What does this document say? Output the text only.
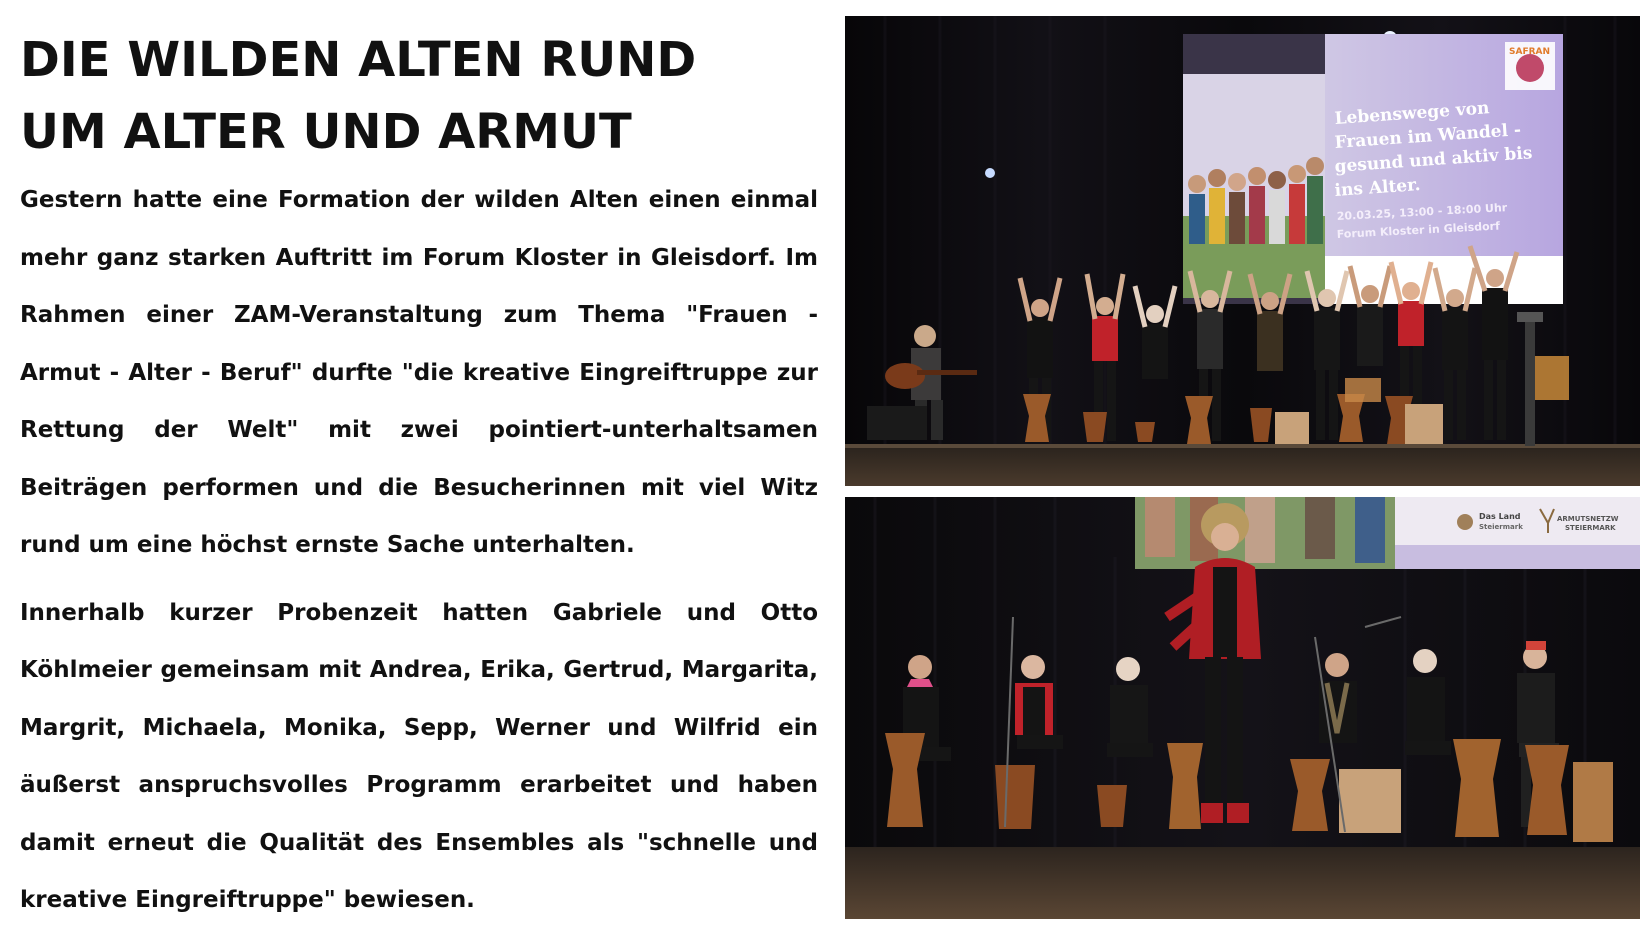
DIE WILDEN ALTEN RUND
UM ALTER UND ARMUT

Gestern hatte eine Formation der wilden Alten einen einmal mehr ganz starken Auftritt im Forum Kloster in Gleisdorf. Im Rahmen einer ZAM-Veranstaltung zum Thema "Frauen - Armut - Alter - Beruf" durfte "die kreative Eingreiftruppe zur Rettung der Welt" mit zwei pointiert-unterhaltsamen Beiträgen performen und die Besucherinnen mit viel Witz rund um eine höchst ernste Sache unterhalten.

Innerhalb kurzer Probenzeit hatten Gabriele und Otto Köhlmeier gemeinsam mit Andrea, Erika, Gertrud, Margarita, Margrit, Michaela, Monika, Sepp, Werner und Wilfrid ein äußerst anspruchsvolles Programm erarbeitet und haben damit erneut die Qualität des Ensembles als "schnelle und kreative Eingreiftruppe" bewiesen.

SAFRAN
Lebenswege von
Frauen im Wandel -
gesund und aktiv bis
ins Alter.
20.03.25, 13:00 - 18:00 Uhr
Forum Kloster in Gleisdorf
Das Land
Steiermark
ARMUTSNETZW
STEIERMARK
